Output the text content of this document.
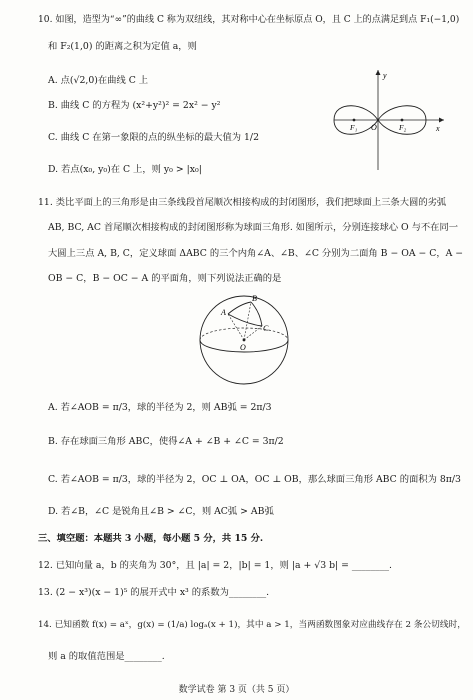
10. 如图，造型为“∞”的曲线 C 称为双纽线，其对称中心在坐标原点 O，且 C 上的点满足到点 F₁(−1,0)
和 F₂(1,0) 的距离之积为定值 a，则
A. 点(√2,0)在曲线 C 上
B. 曲线 C 的方程为 (x²+y²)² = 2x² − y²
C. 曲线 C 在第一象限的点的纵坐标的最大值为 1/2
D. 若点(x₀, y₀)在 C 上，则 y₀ > |x₀|
y
x
O
F₁	F₂
11. 类比平面上的三角形是由三条线段首尾顺次相接构成的封闭图形，我们把球面上三条大圆的劣弧
AB, BC, AC 首尾顺次相接构成的封闭图形称为球面三角形. 如图所示，分别连接球心 O 与不在同一
大圆上三点 A, B, C，定义球面 ΔABC 的三个内角∠A、∠B、∠C 分别为二面角 B − OA − C，A −
OB − C，B − OC − A 的平面角，则下列说法正确的是
A
B
C
O
A. 若∠AOB = π/3，球的半径为 2，则 AB弧 = 2π/3
B. 存在球面三角形 ABC，使得∠A + ∠B + ∠C = 3π/2
C. 若∠AOB = π/3，球的半径为 2，OC ⊥ OA，OC ⊥ OB，那么球面三角形 ABC 的面积为 8π/3
D. 若∠B，∠C 是锐角且∠B > ∠C，则 AC弧 > AB弧
三、填空题：本题共 3 小题，每小题 5 分，共 15 分.
12. 已知向量 a，b 的夹角为 30°，且 |a| = 2，|b| = 1，则 |a + √3 b| = ________.
13. (2 − x³)(x − 1)⁵ 的展开式中 x³ 的系数为________.
14. 已知函数 f(x) = aˣ，g(x) = (1/a) logₐ(x + 1)，其中 a > 1，当两函数图象对应曲线存在 2 条公切线时，
则 a 的取值范围是________.
数学试卷 第 3 页（共 5 页）
